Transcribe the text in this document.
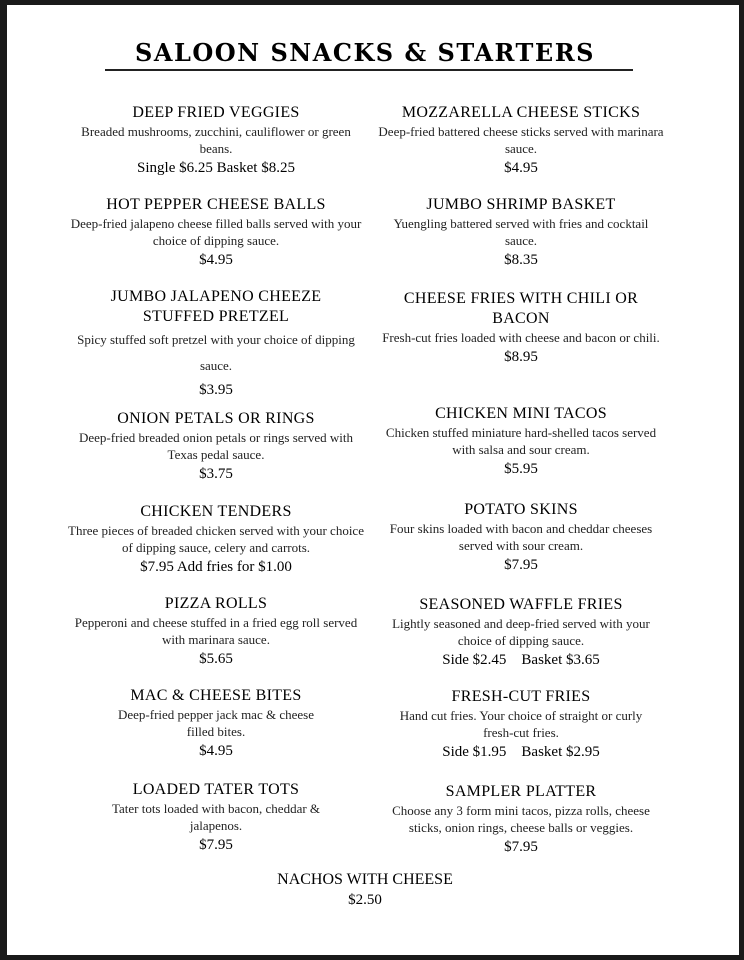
SALOON SNACKS & STARTERS
DEEP FRIED VEGGIES
Breaded mushrooms, zucchini, cauliflower or green beans.
Single $6.25 Basket $8.25
HOT PEPPER CHEESE BALLS
Deep-fried jalapeno cheese filled balls served with your choice of dipping sauce.
$4.95
JUMBO JALAPENO CHEEZE STUFFED PRETZEL
Spicy stuffed soft pretzel with your choice of dipping sauce.
$3.95
ONION PETALS OR RINGS
Deep-fried breaded onion petals or rings served with Texas pedal sauce.
$3.75
CHICKEN TENDERS
Three pieces of breaded chicken served with your choice of dipping sauce, celery and carrots.
$7.95 Add fries for $1.00
PIZZA ROLLS
Pepperoni and cheese stuffed in a fried egg roll served with marinara sauce.
$5.65
MAC & CHEESE BITES
Deep-fried pepper jack mac & cheese filled bites.
$4.95
LOADED TATER TOTS
Tater tots loaded with bacon, cheddar & jalapenos.
$7.95
MOZZARELLA CHEESE STICKS
Deep-fried battered cheese sticks served with marinara sauce.
$4.95
JUMBO SHRIMP BASKET
Yuengling battered served with fries and cocktail sauce.
$8.35
CHEESE FRIES WITH CHILI OR BACON
Fresh-cut fries loaded with cheese and bacon or chili.
$8.95
CHICKEN MINI TACOS
Chicken stuffed miniature hard-shelled tacos served with salsa and sour cream.
$5.95
POTATO SKINS
Four skins loaded with bacon and cheddar cheeses served with sour cream.
$7.95
SEASONED WAFFLE FRIES
Lightly seasoned and deep-fried served with your choice of dipping sauce.
Side $2.45    Basket $3.65
FRESH-CUT FRIES
Hand cut fries. Your choice of straight or curly fresh-cut fries.
Side $1.95    Basket $2.95
SAMPLER PLATTER
Choose any 3 form mini tacos, pizza rolls, cheese sticks, onion rings, cheese balls or veggies.
$7.95
NACHOS WITH CHEESE
$2.50
